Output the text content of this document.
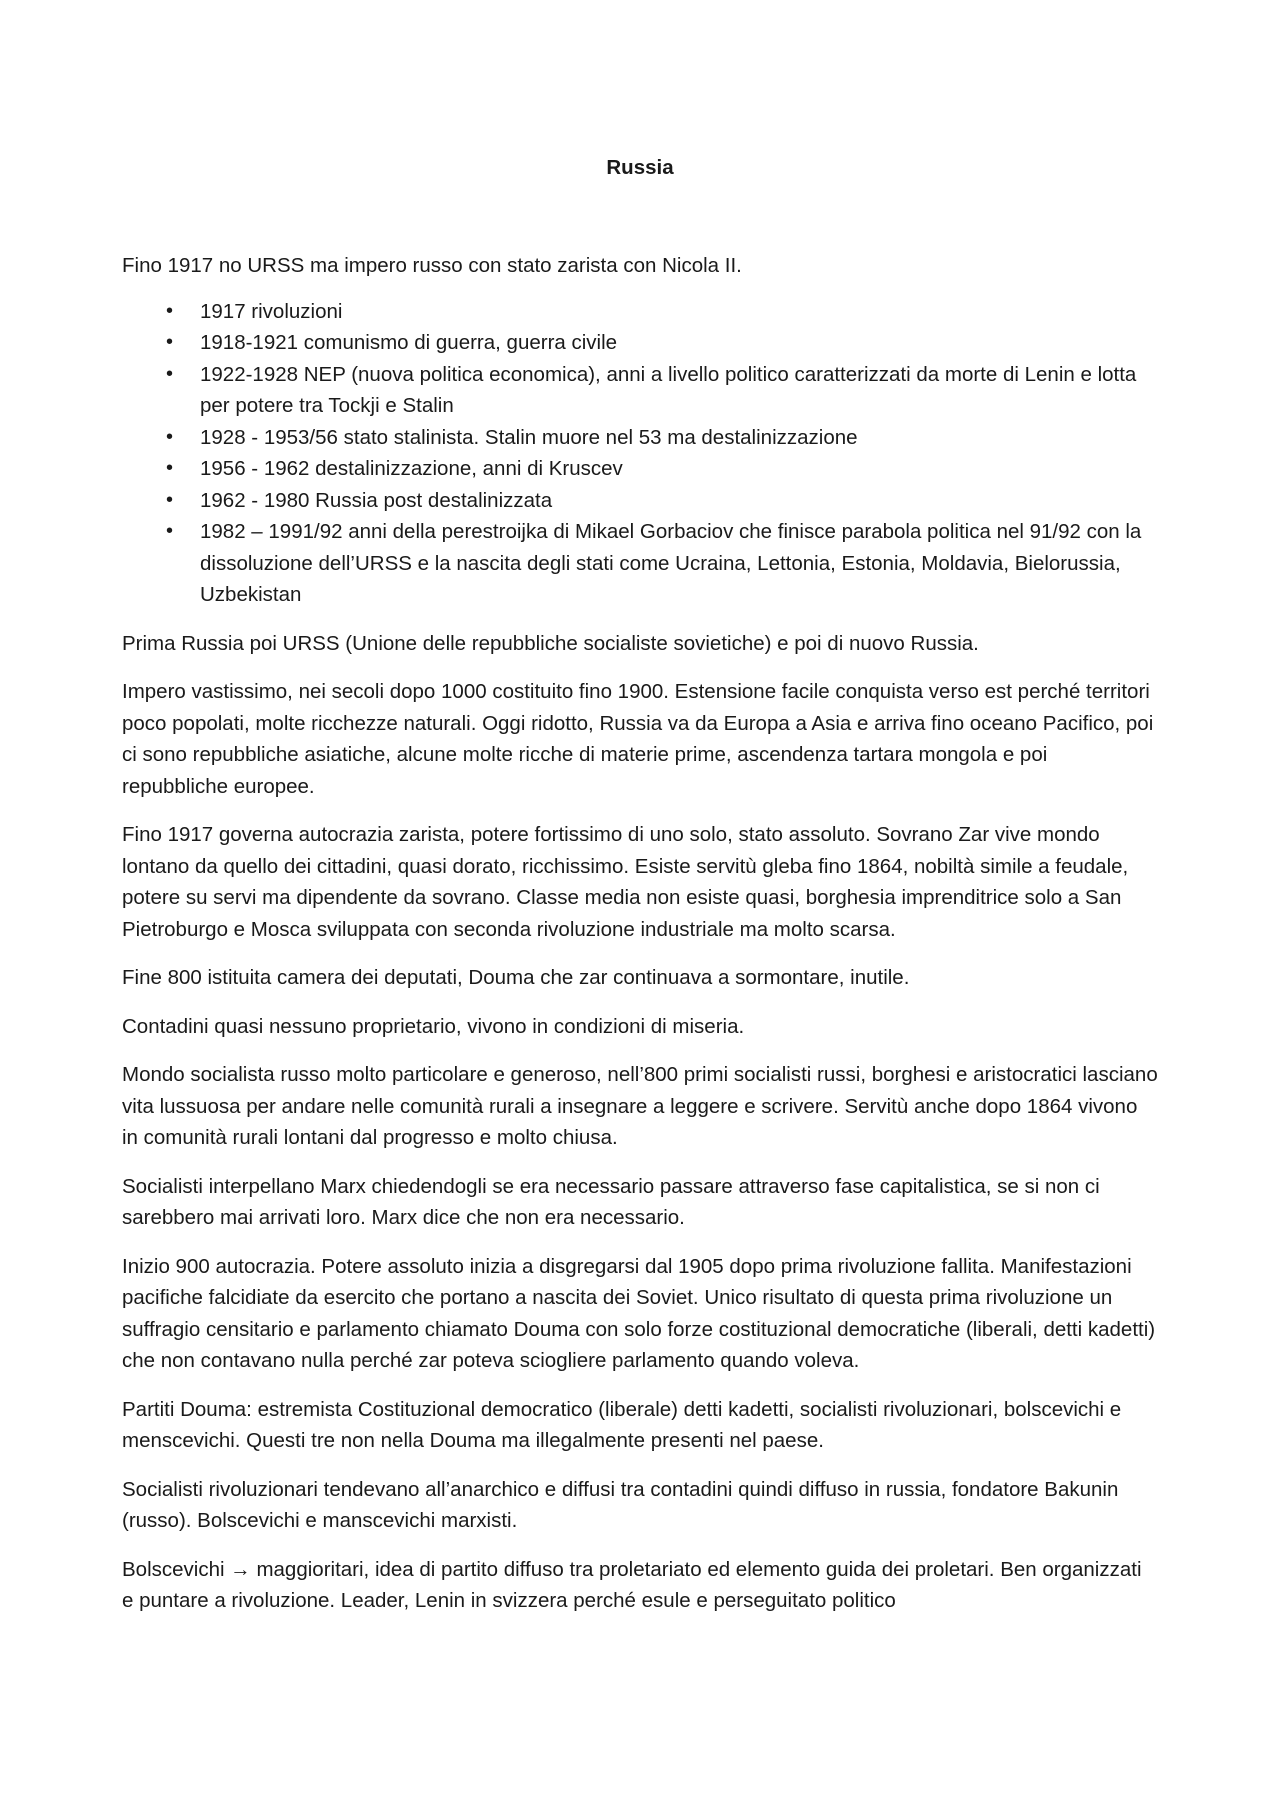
Russia

Fino 1917 no URSS ma impero russo con stato zarista con Nicola II.

• 1917 rivoluzioni
• 1918-1921 comunismo di guerra, guerra civile
• 1922-1928 NEP (nuova politica economica), anni a livello politico caratterizzati da morte di Lenin e lotta per potere tra Tockji e Stalin
• 1928 - 1953/56 stato stalinista. Stalin muore nel 53 ma destalinizzazione
• 1956 - 1962 destalinizzazione, anni di Kruscev
• 1962 - 1980 Russia post destalinizzata
• 1982 – 1991/92 anni della perestroijka di Mikael Gorbaciov che finisce parabola politica nel 91/92 con la dissoluzione dell’URSS e la nascita degli stati come Ucraina, Lettonia, Estonia, Moldavia, Bielorussia, Uzbekistan

Prima Russia poi URSS (Unione delle repubbliche socialiste sovietiche) e poi di nuovo Russia.

Impero vastissimo, nei secoli dopo 1000 costituito fino 1900. Estensione facile conquista verso est perché territori poco popolati, molte ricchezze naturali. Oggi ridotto, Russia va da Europa a Asia e arriva fino oceano Pacifico, poi ci sono repubbliche asiatiche, alcune molte ricche di materie prime, ascendenza tartara mongola e poi repubbliche europee.

Fino 1917 governa autocrazia zarista, potere fortissimo di uno solo, stato assoluto. Sovrano Zar vive mondo lontano da quello dei cittadini, quasi dorato, ricchissimo. Esiste servitù gleba fino 1864, nobiltà simile a feudale, potere su servi ma dipendente da sovrano. Classe media non esiste quasi, borghesia imprenditrice solo a San Pietroburgo e Mosca sviluppata con seconda rivoluzione industriale ma molto scarsa.

Fine 800 istituita camera dei deputati, Douma che zar continuava a sormontare, inutile.

Contadini quasi nessuno proprietario, vivono in condizioni di miseria.

Mondo socialista russo molto particolare e generoso, nell’800 primi socialisti russi, borghesi e aristocratici lasciano vita lussuosa per andare nelle comunità rurali a insegnare a leggere e scrivere. Servitù anche dopo 1864 vivono in comunità rurali lontani dal progresso e molto chiusa.

Socialisti interpellano Marx chiedendogli se era necessario passare attraverso fase capitalistica, se si non ci sarebbero mai arrivati loro. Marx dice che non era necessario.

Inizio 900 autocrazia. Potere assoluto inizia a disgregarsi dal 1905 dopo prima rivoluzione fallita. Manifestazioni pacifiche falcidiate da esercito che portano a nascita dei Soviet. Unico risultato di questa prima rivoluzione un suffragio censitario e parlamento chiamato Douma con solo forze costituzional democratiche (liberali, detti kadetti) che non contavano nulla perché zar poteva sciogliere parlamento quando voleva.

Partiti Douma: estremista Costituzional democratico (liberale) detti kadetti, socialisti rivoluzionari, bolscevichi e menscevichi. Questi tre non nella Douma ma illegalmente presenti nel paese.

Socialisti rivoluzionari tendevano all’anarchico e diffusi tra contadini quindi diffuso in russia, fondatore Bakunin (russo). Bolscevichi e manscevichi marxisti.

Bolscevichi → maggioritari, idea di partito diffuso tra proletariato ed elemento guida dei proletari. Ben organizzati e puntare a rivoluzione. Leader, Lenin in svizzera perché esule e perseguitato politico
